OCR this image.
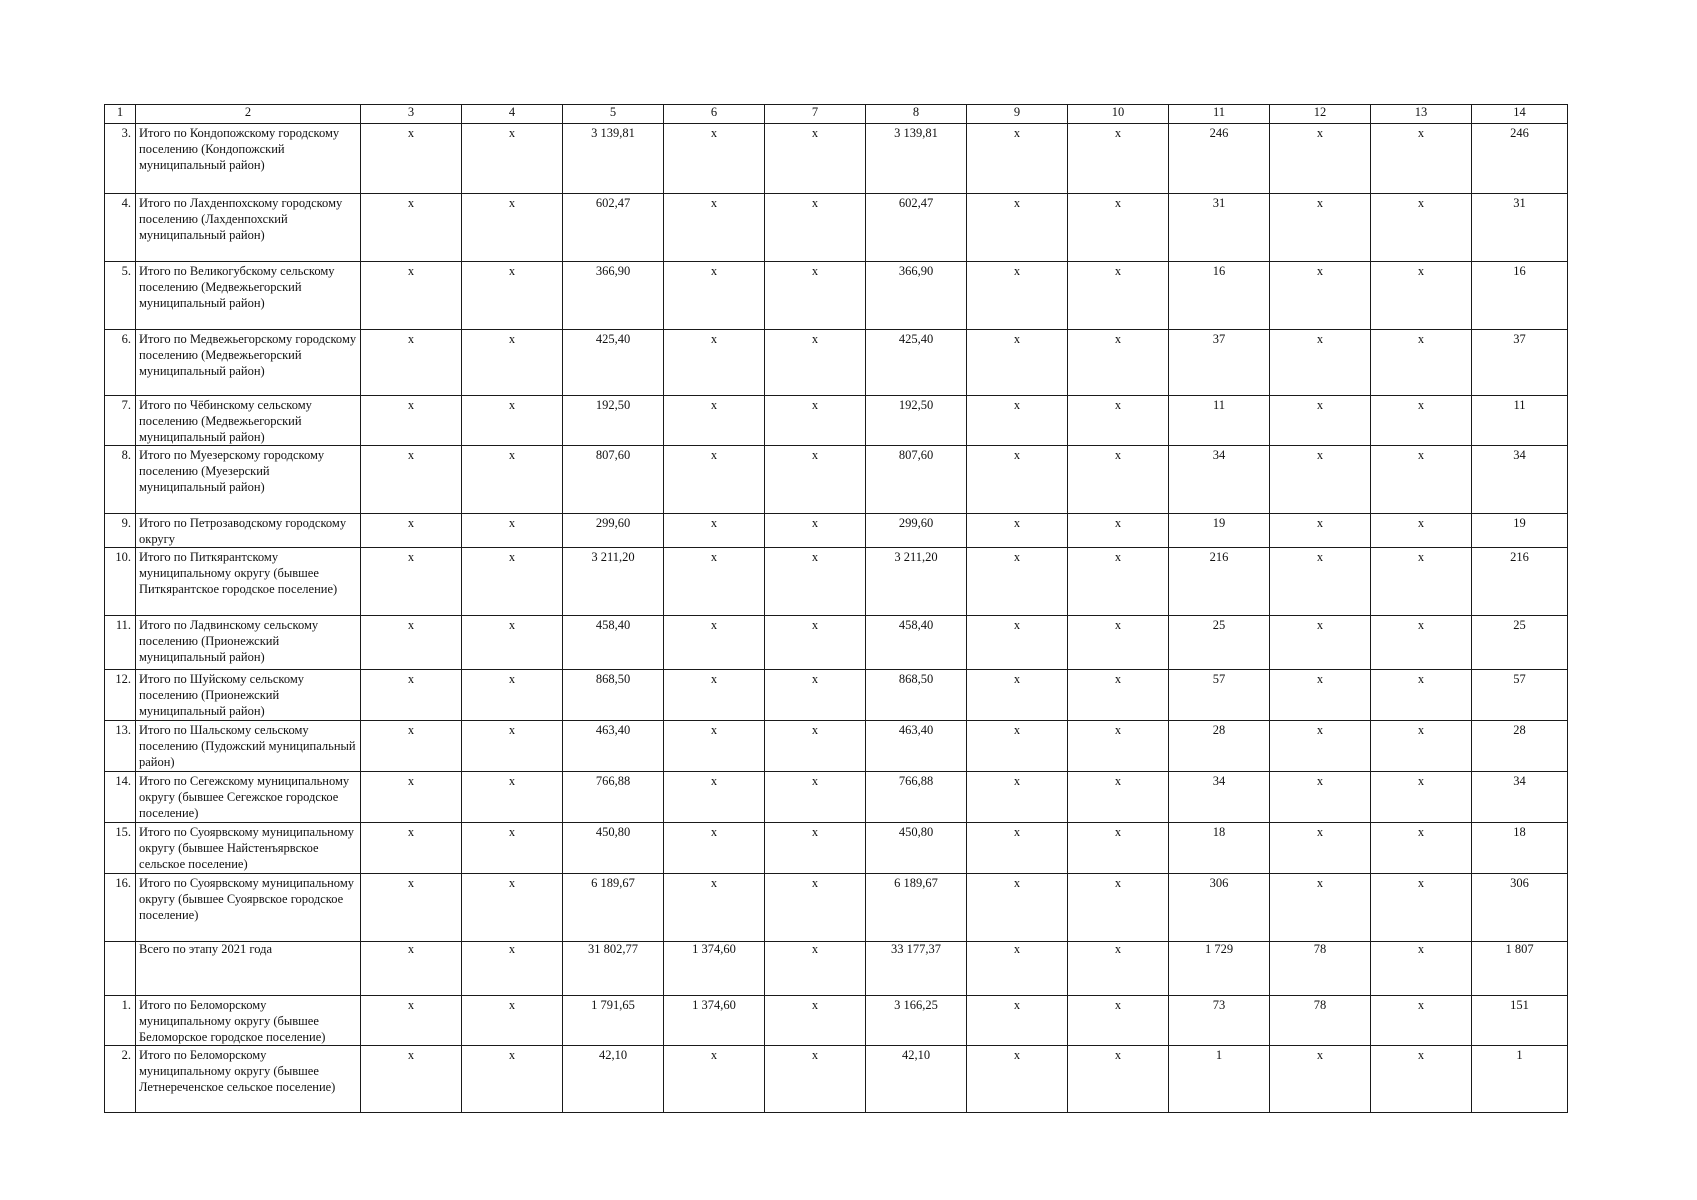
1	2	3	4	5	6	7	8	9	10	11	12	13	14
3.	Итого по Кондопожскому городскому поселению (Кондопожский муниципальный район)	x	x	3 139,81	x	x	3 139,81	x	x	246	x	x	246
4.	Итого по Лахденпохскому городскому поселению (Лахденпохский муниципальный район)	x	x	602,47	x	x	602,47	x	x	31	x	x	31
5.	Итого по Великогубскому сельскому поселению (Медвежьегорский муниципальный район)	x	x	366,90	x	x	366,90	x	x	16	x	x	16
6.	Итого по Медвежьегорскому городскому поселению (Медвежьегорский муниципальный район)	x	x	425,40	x	x	425,40	x	x	37	x	x	37
7.	Итого по Чёбинскому сельскому поселению (Медвежьегорский муниципальный район)	x	x	192,50	x	x	192,50	x	x	11	x	x	11
8.	Итого по Муезерскому городскому поселению (Муезерский муниципальный район)	x	x	807,60	x	x	807,60	x	x	34	x	x	34
9.	Итого по Петрозаводскому городскому округу	x	x	299,60	x	x	299,60	x	x	19	x	x	19
10.	Итого по Питкярантскому муниципальному округу (бывшее Питкярантское городское поселение)	x	x	3 211,20	x	x	3 211,20	x	x	216	x	x	216
11.	Итого по Ладвинскому сельскому поселению (Прионежский муниципальный район)	x	x	458,40	x	x	458,40	x	x	25	x	x	25
12.	Итого по Шуйскому сельскому поселению (Прионежский муниципальный район)	x	x	868,50	x	x	868,50	x	x	57	x	x	57
13.	Итого по Шальскому сельскому поселению (Пудожский муниципальный район)	x	x	463,40	x	x	463,40	x	x	28	x	x	28
14.	Итого по Сегежскому муниципальному округу (бывшее Сегежское городское поселение)	x	x	766,88	x	x	766,88	x	x	34	x	x	34
15.	Итого по Суоярвскому муниципальному округу (бывшее Найстенъярвское сельское поселение)	x	x	450,80	x	x	450,80	x	x	18	x	x	18
16.	Итого по Суоярвскому муниципальному округу (бывшее Суоярвское городское поселение)	x	x	6 189,67	x	x	6 189,67	x	x	306	x	x	306
	Всего по этапу 2021 года	x	x	31 802,77	1 374,60	x	33 177,37	x	x	1 729	78	x	1 807
1.	Итого по Беломорскому муниципальному округу (бывшее Беломорское городское поселение)	x	x	1 791,65	1 374,60	x	3 166,25	x	x	73	78	x	151
2.	Итого по Беломорскому муниципальному округу (бывшее Летнереченское сельское поселение)	x	x	42,10	x	x	42,10	x	x	1	x	x	1
